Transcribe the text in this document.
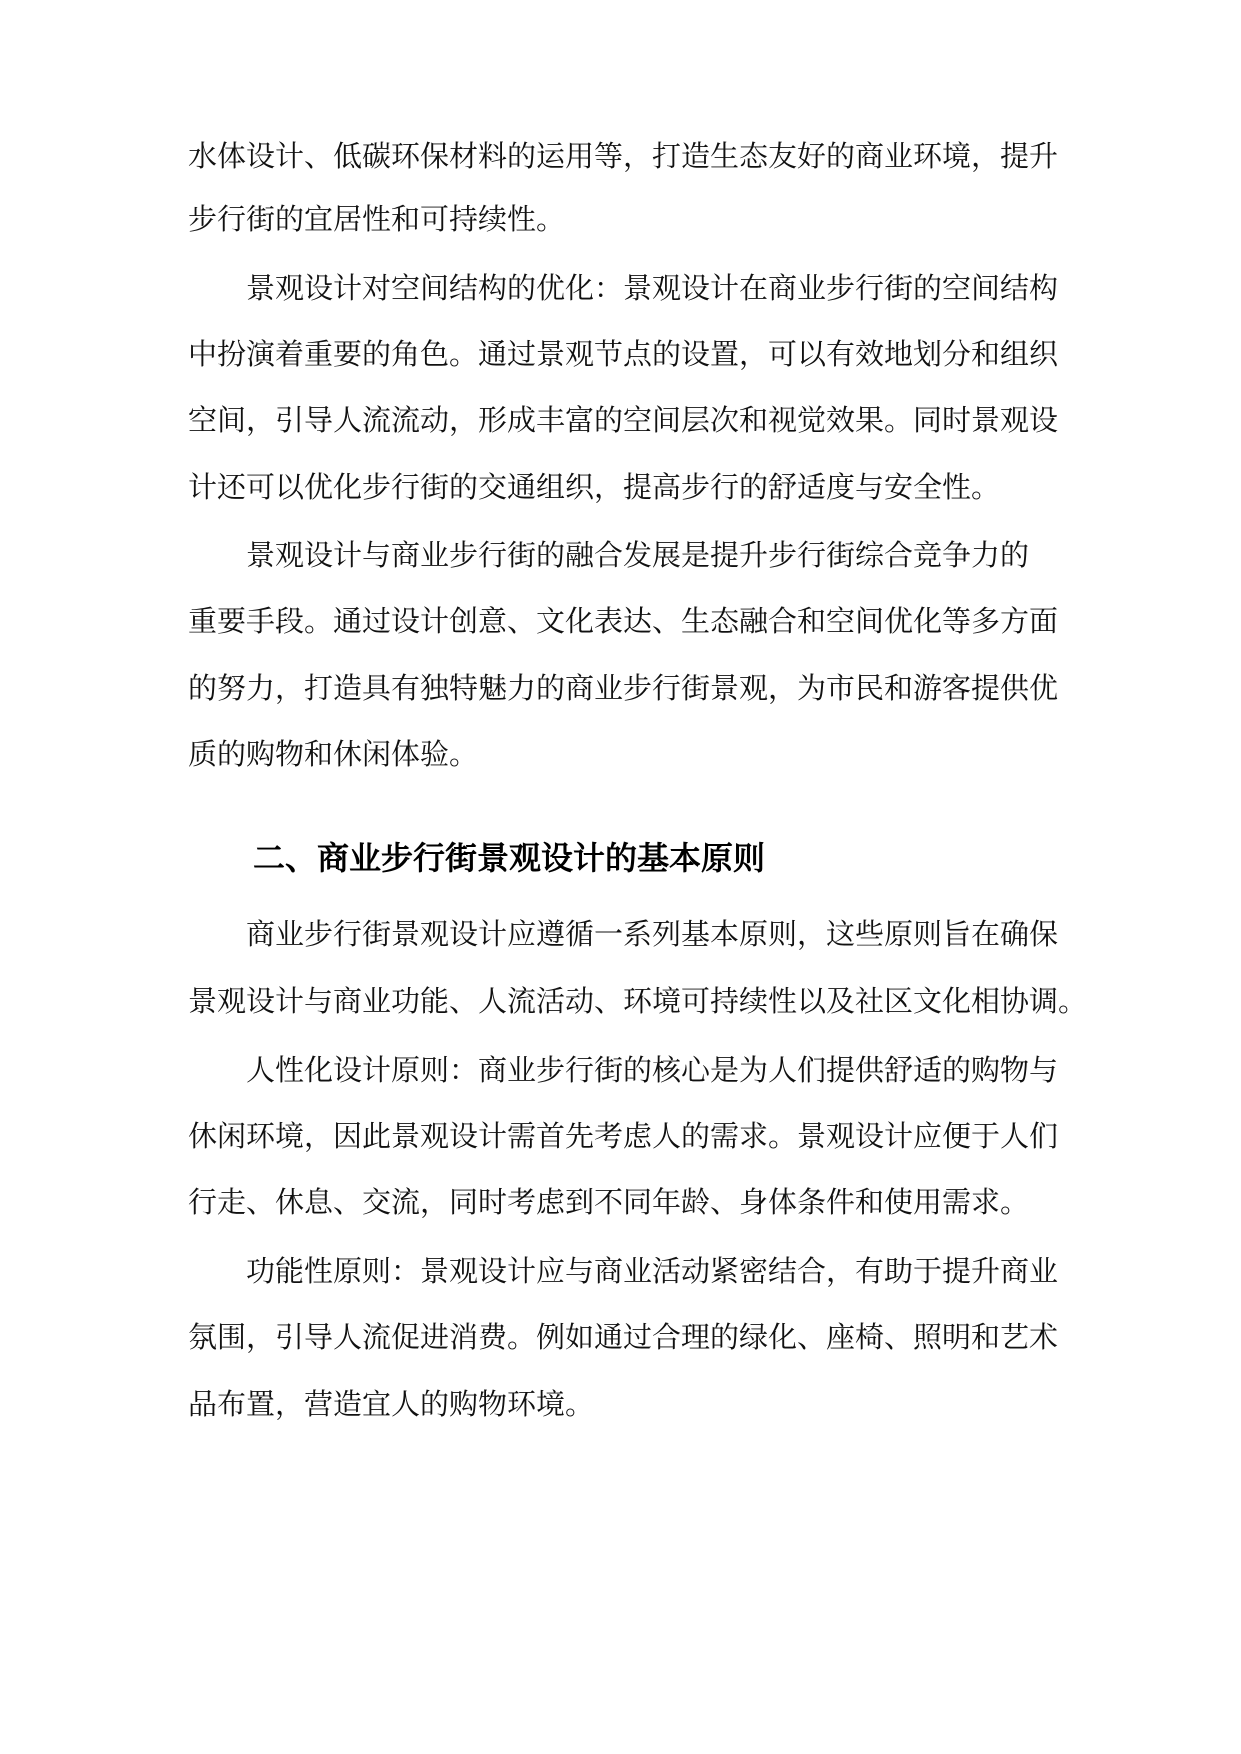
水体设计、低碳环保材料的运用等，打造生态友好的商业环境，提升
步行街的宜居性和可持续性。
景观设计对空间结构的优化：景观设计在商业步行街的空间结构
中扮演着重要的角色。通过景观节点的设置，可以有效地划分和组织
空间，引导人流流动，形成丰富的空间层次和视觉效果。同时景观设
计还可以优化步行街的交通组织，提高步行的舒适度与安全性。
景观设计与商业步行街的融合发展是提升步行街综合竞争力的
重要手段。通过设计创意、文化表达、生态融合和空间优化等多方面
的努力，打造具有独特魅力的商业步行街景观，为市民和游客提供优
质的购物和休闲体验。
二、商业步行街景观设计的基本原则
商业步行街景观设计应遵循一系列基本原则，这些原则旨在确保
景观设计与商业功能、人流活动、环境可持续性以及社区文化相协调。
人性化设计原则：商业步行街的核心是为人们提供舒适的购物与
休闲环境，因此景观设计需首先考虑人的需求。景观设计应便于人们
行走、休息、交流，同时考虑到不同年龄、身体条件和使用需求。
功能性原则：景观设计应与商业活动紧密结合，有助于提升商业
氛围，引导人流促进消费。例如通过合理的绿化、座椅、照明和艺术
品布置，营造宜人的购物环境。
